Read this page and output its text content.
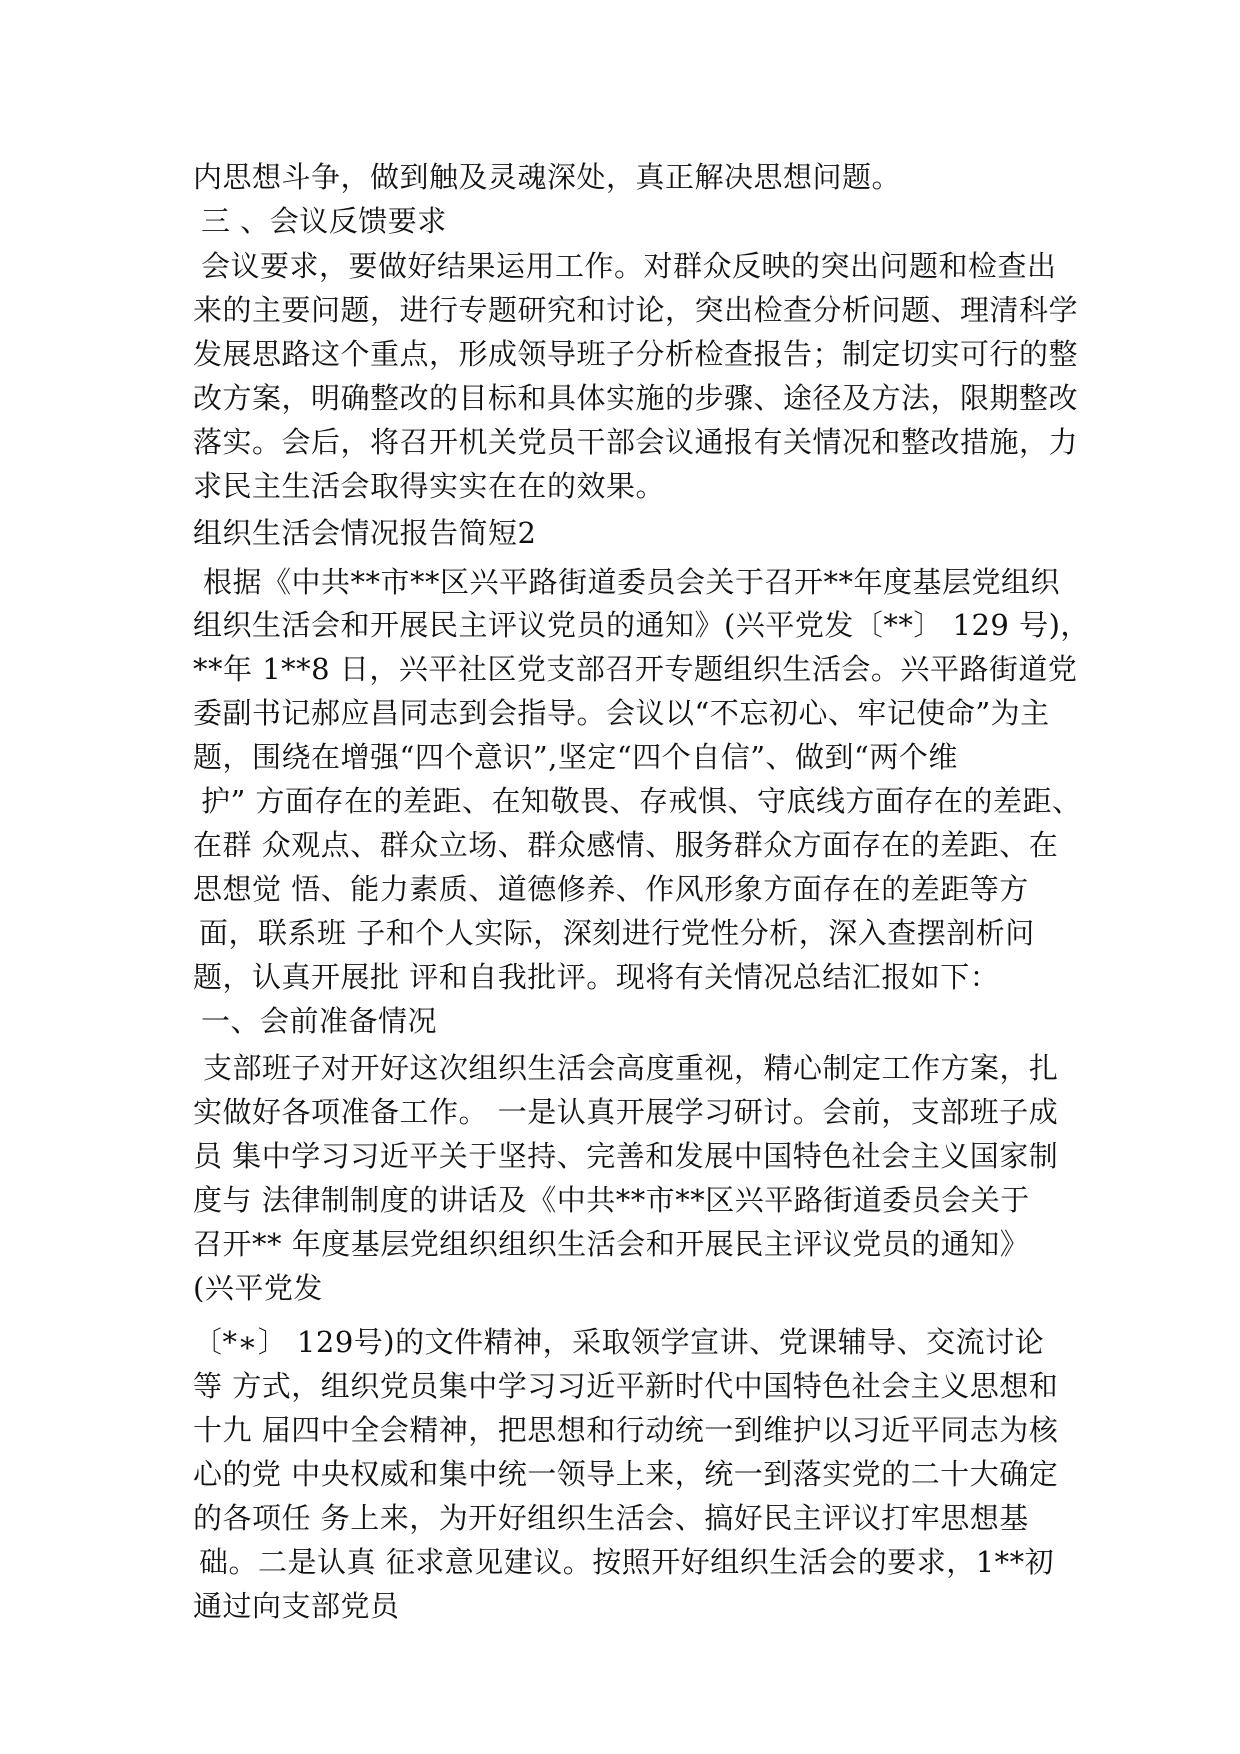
内思想斗争，做到触及灵魂深处，真正解决思想问题。
三 、会议反馈要求
会议要求，要做好结果运用工作。对群众反映的突出问题和检查出
来的主要问题，进行专题研究和讨论，突出检查分析问题、理清科学
发展思路这个重点，形成领导班子分析检查报告；制定切实可行的整
改方案，明确整改的目标和具体实施的步骤、途径及方法，限期整改
落实。会后，将召开机关党员干部会议通报有关情况和整改措施，力
求民主生活会取得实实在在的效果。
组织生活会情况报告简短2
根据《中共**市**区兴平路街道委员会关于召开**年度基层党组织
组织生活会和开展民主评议党员的通知》(兴平党发〔**〕 129 号)，
**年 1**8 日，兴平社区党支部召开专题组织生活会。兴平路街道党
委副书记郝应昌同志到会指导。会议以“不忘初心、牢记使命”为主
题，围绕在增强“四个意识”,坚定“四个自信”、做到“两个维
护” 方面存在的差距、在知敬畏、存戒惧、守底线方面存在的差距、
在群 众观点、群众立场、群众感情、服务群众方面存在的差距、在
思想觉 悟、能力素质、道德修养、作风形象方面存在的差距等方
面，联系班 子和个人实际，深刻进行党性分析，深入查摆剖析问
题，认真开展批 评和自我批评。现将有关情况总结汇报如下：
一、会前准备情况
支部班子对开好这次组织生活会高度重视，精心制定工作方案，扎
实做好各项准备工作。 一是认真开展学习研讨。会前，支部班子成
员 集中学习习近平关于坚持、完善和发展中国特色社会主义国家制
度与 法律制制度的讲话及《中共**市**区兴平路街道委员会关于
召开** 年度基层党组织组织生活会和开展民主评议党员的通知》
(兴平党发
〔*∗〕 129号)的文件精神，采取领学宣讲、党课辅导、交流讨论
等 方式，组织党员集中学习习近平新时代中国特色社会主义思想和
十九 届四中全会精神，把思想和行动统一到维护以习近平同志为核
心的党 中央权威和集中统一领导上来，统一到落实党的二十大确定
的各项任 务上来，为开好组织生活会、搞好民主评议打牢思想基
础。二是认真 征求意见建议。按照开好组织生活会的要求，1**初
通过向支部党员
